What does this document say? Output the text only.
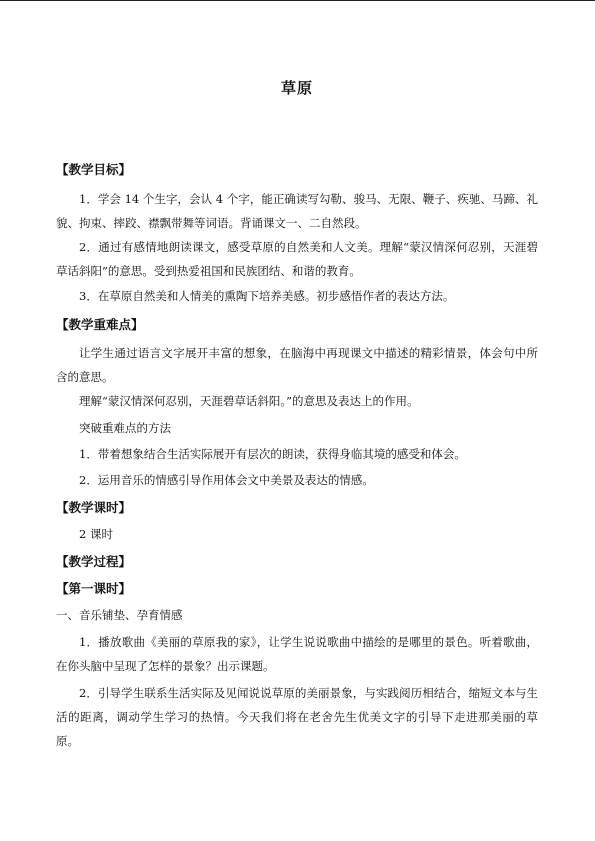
草原
【教学目标】
1．学会 14 个生字，会认 4 个字，能正确读写勾勒、骏马、无限、鞭子、疾驰、马蹄、礼貌、拘束、摔跤、襟飘带舞等词语。背诵课文一、二自然段。
2．通过有感情地朗读课文，感受草原的自然美和人文美。理解“蒙汉情深何忍别，天涯碧草话斜阳”的意思。受到热爱祖国和民族团结、和谐的教育。
3．在草原自然美和人情美的熏陶下培养美感。初步感悟作者的表达方法。
【教学重难点】
让学生通过语言文字展开丰富的想象，在脑海中再现课文中描述的精彩情景，体会句中所含的意思。
理解“蒙汉情深何忍别，天涯碧草话斜阳。”的意思及表达上的作用。
突破重难点的方法
1．带着想象结合生活实际展开有层次的朗读，获得身临其境的感受和体会。
2．运用音乐的情感引导作用体会文中美景及表达的情感。
【教学课时】
2 课时
【教学过程】
【第一课时】
一、音乐铺垫、孕育情感
1．播放歌曲《美丽的草原我的家》，让学生说说歌曲中描绘的是哪里的景色。听着歌曲，在你头脑中呈现了怎样的景象？出示课题。
2．引导学生联系生活实际及见闻说说草原的美丽景象，与实践阅历相结合，缩短文本与生活的距离，调动学生学习的热情。今天我们将在老舍先生优美文字的引导下走进那美丽的草原。
